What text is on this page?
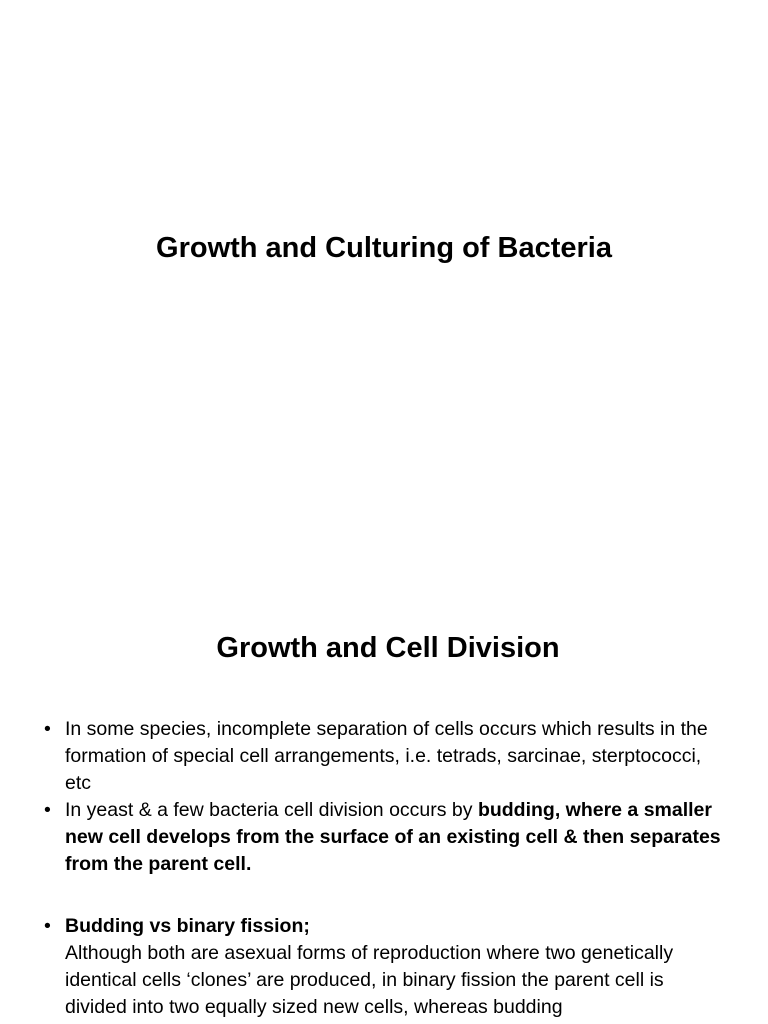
Growth and Culturing of Bacteria
Growth and Cell Division
• In some species, incomplete separation of cells occurs which results in the formation of special cell arrangements, i.e. tetrads, sarcinae, sterptococci, etc
• In yeast & a few bacteria cell division occurs by budding, where a smaller new cell develops from the surface of an existing cell & then separates from the parent cell.
• Budding vs binary fission;
Although both are asexual forms of reproduction where two genetically identical cells ‘clones’ are produced, in binary fission the parent cell is divided into two equally sized new cells, whereas budding
